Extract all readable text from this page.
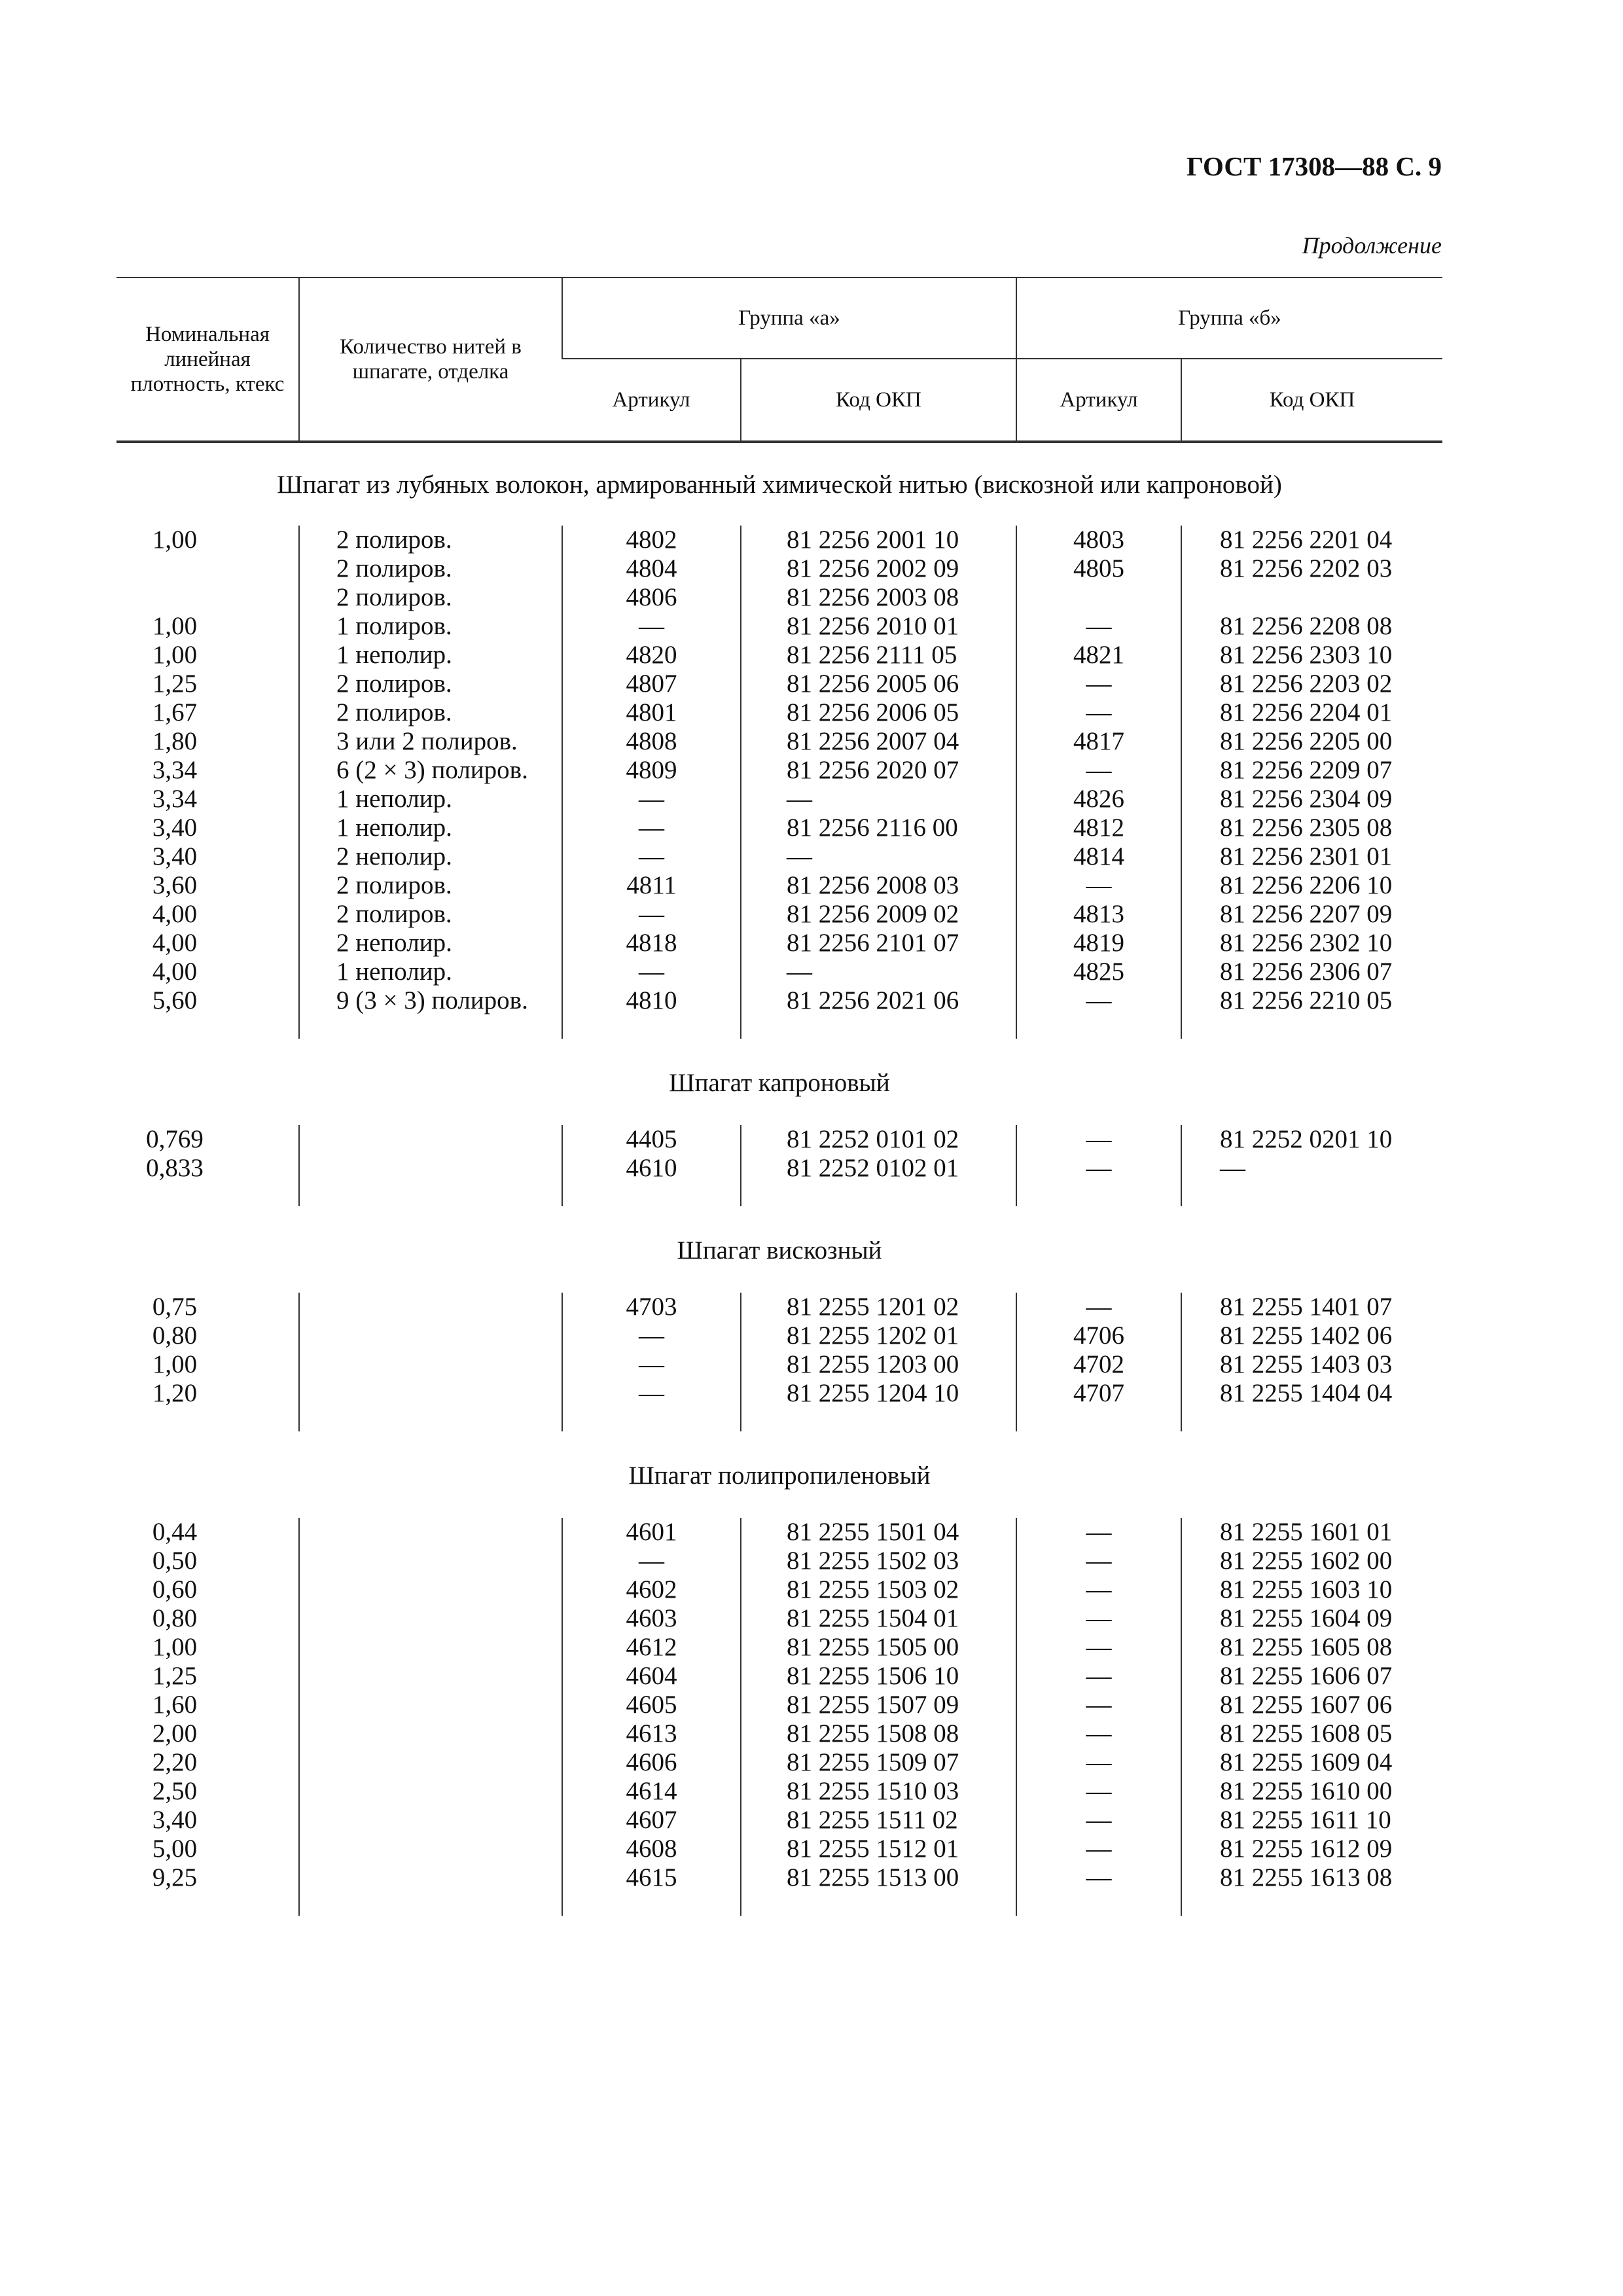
ГОСТ 17308—88 С. 9
Продолжение
Номинальная линейная плотность, ктекс	Количество нитей в шпагате, отделка	Группа «а»		Группа «б»	
		Артикул	Код ОКП	Артикул	Код ОКП
Шпагат из лубяных волокон, армированный химической нитью (вискозной или капроновой)					
1,00	2 полиров.	4802	81 2256 2001 10	4803	81 2256 2201 04
	2 полиров.	4804	81 2256 2002 09	4805	81 2256 2202 03
	2 полиров.	4806	81 2256 2003 08		
1,00	1 полиров.	—	81 2256 2010 01	—	81 2256 2208 08
1,00	1 неполир.	4820	81 2256 2111 05	4821	81 2256 2303 10
1,25	2 полиров.	4807	81 2256 2005 06	—	81 2256 2203 02
1,67	2 полиров.	4801	81 2256 2006 05	—	81 2256 2204 01
1,80	3 или 2 полиров.	4808	81 2256 2007 04	4817	81 2256 2205 00
3,34	6 (2 × 3) полиров.	4809	81 2256 2020 07	—	81 2256 2209 07
3,34	1 неполир.	—	—	4826	81 2256 2304 09
3,40	1 неполир.	—	81 2256 2116 00	4812	81 2256 2305 08
3,40	2 неполир.	—	—	4814	81 2256 2301 01
3,60	2 полиров.	4811	81 2256 2008 03	—	81 2256 2206 10
4,00	2 полиров.	—	81 2256 2009 02	4813	81 2256 2207 09
4,00	2 неполир.	4818	81 2256 2101 07	4819	81 2256 2302 10
4,00	1 неполир.	—	—	4825	81 2256 2306 07
5,60	9 (3 × 3) полиров.	4810	81 2256 2021 06	—	81 2256 2210 05

Шпагат капроновый					
0,769		4405	81 2252 0101 02	—	81 2252 0201 10
0,833		4610	81 2252 0102 01	—	—

Шпагат вискозный					
0,75		4703	81 2255 1201 02	—	81 2255 1401 07
0,80		—	81 2255 1202 01	4706	81 2255 1402 06
1,00		—	81 2255 1203 00	4702	81 2255 1403 03
1,20		—	81 2255 1204 10	4707	81 2255 1404 04

Шпагат полипропиленовый					
0,44		4601	81 2255 1501 04	—	81 2255 1601 01
0,50		—	81 2255 1502 03	—	81 2255 1602 00
0,60		4602	81 2255 1503 02	—	81 2255 1603 10
0,80		4603	81 2255 1504 01	—	81 2255 1604 09
1,00		4612	81 2255 1505 00	—	81 2255 1605 08
1,25		4604	81 2255 1506 10	—	81 2255 1606 07
1,60		4605	81 2255 1507 09	—	81 2255 1607 06
2,00		4613	81 2255 1508 08	—	81 2255 1608 05
2,20		4606	81 2255 1509 07	—	81 2255 1609 04
2,50		4614	81 2255 1510 03	—	81 2255 1610 00
3,40		4607	81 2255 1511 02	—	81 2255 1611 10
5,00		4608	81 2255 1512 01	—	81 2255 1612 09
9,25		4615	81 2255 1513 00	—	81 2255 1613 08
